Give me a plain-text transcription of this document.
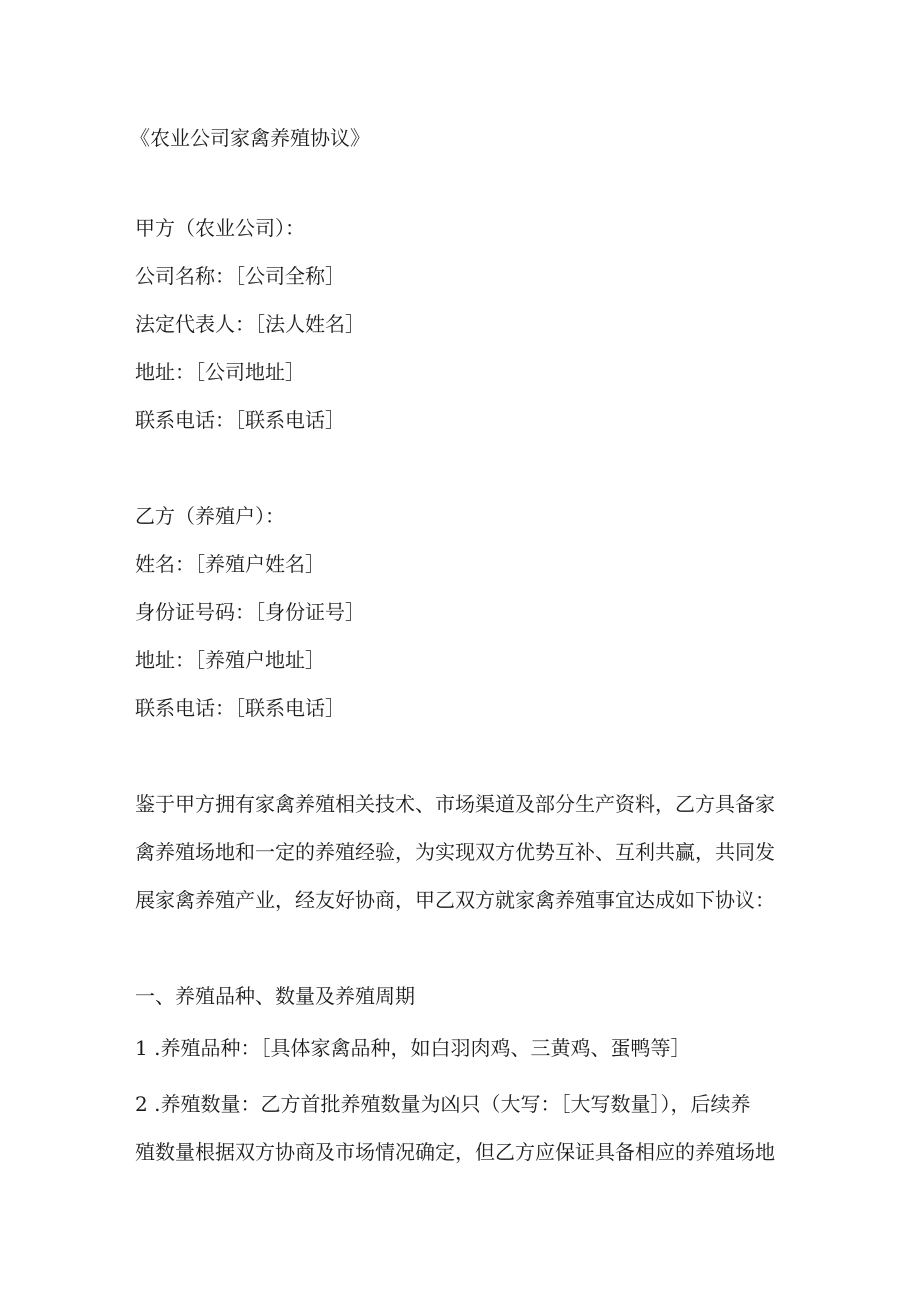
《农业公司家禽养殖协议》
甲方（农业公司）：
公司名称：［公司全称］
法定代表人：［法人姓名］
地址：［公司地址］
联系电话：［联系电话］
乙方（养殖户）：
姓名：［养殖户姓名］
身份证号码：［身份证号］
地址：［养殖户地址］
联系电话：［联系电话］
鉴于甲方拥有家禽养殖相关技术、市场渠道及部分生产资料，乙方具备家
禽养殖场地和一定的养殖经验，为实现双方优势互补、互利共赢，共同发
展家禽养殖产业，经友好协商，甲乙双方就家禽养殖事宜达成如下协议：
一、养殖品种、数量及养殖周期
1 .养殖品种：［具体家禽品种，如白羽肉鸡、三黄鸡、蛋鸭等］
2 .养殖数量：乙方首批养殖数量为凶只（大写：［大写数量］），后续养
殖数量根据双方协商及市场情况确定，但乙方应保证具备相应的养殖场地
